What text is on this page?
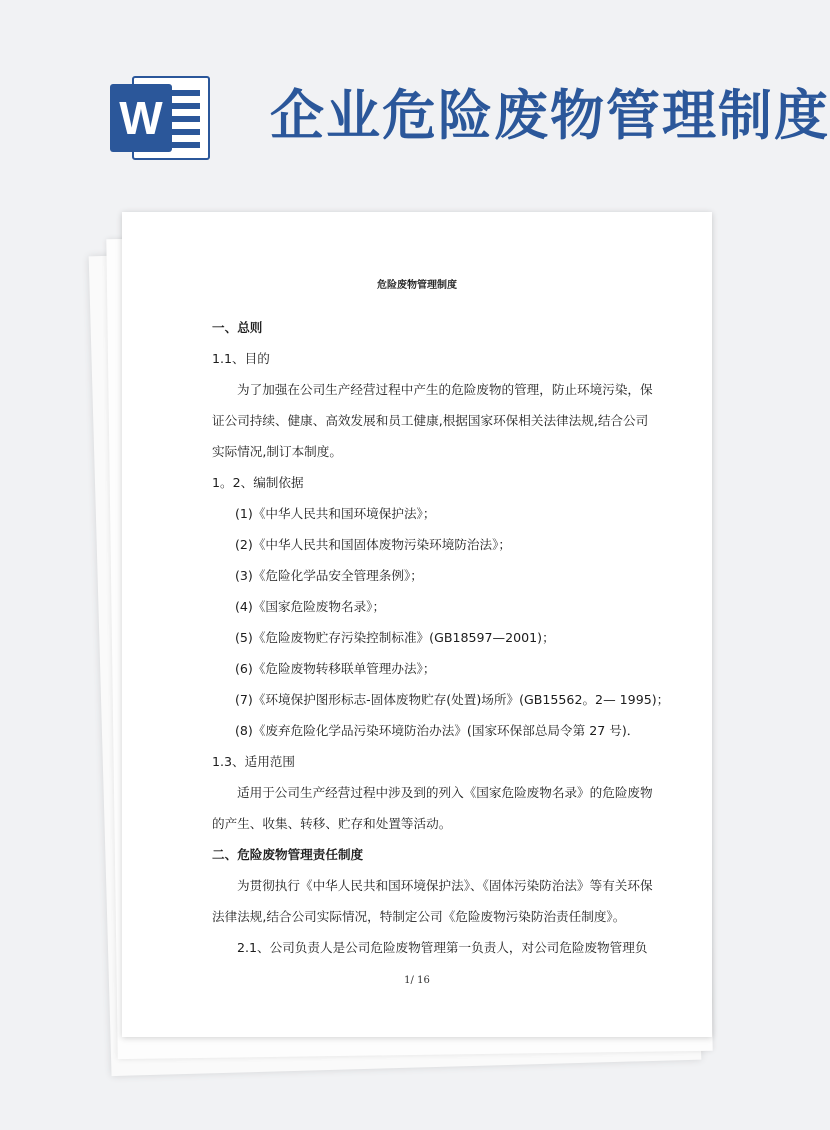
W 企业危险废物管理制度
危险废物管理制度
一、总则
1.1、目的
为了加强在公司生产经营过程中产生的危险废物的管理，防止环境污染，保
证公司持续、健康、高效发展和员工健康,根据国家环保相关法律法规,结合公司
实际情况,制订本制度。
1。2、编制依据
(1)《中华人民共和国环境保护法》；
(2)《中华人民共和国固体废物污染环境防治法》；
(3)《危险化学品安全管理条例》；
(4)《国家危险废物名录》；
(5)《危险废物贮存污染控制标准》(GB18597—2001)；
(6)《危险废物转移联单管理办法》；
(7)《环境保护图形标志-固体废物贮存(处置)场所》(GB15562。2— 1995)；
(8)《废弃危险化学品污染环境防治办法》(国家环保部总局令第 27 号)．
1.3、适用范围
适用于公司生产经营过程中涉及到的列入《国家危险废物名录》的危险废物
的产生、收集、转移、贮存和处置等活动。
二、危险废物管理责任制度
为贯彻执行《中华人民共和国环境保护法》、《固体污染防治法》等有关环保
法律法规,结合公司实际情况，特制定公司《危险废物污染防治责任制度》。
2.1、公司负责人是公司危险废物管理第一负责人，对公司危险废物管理负
1/ 16
